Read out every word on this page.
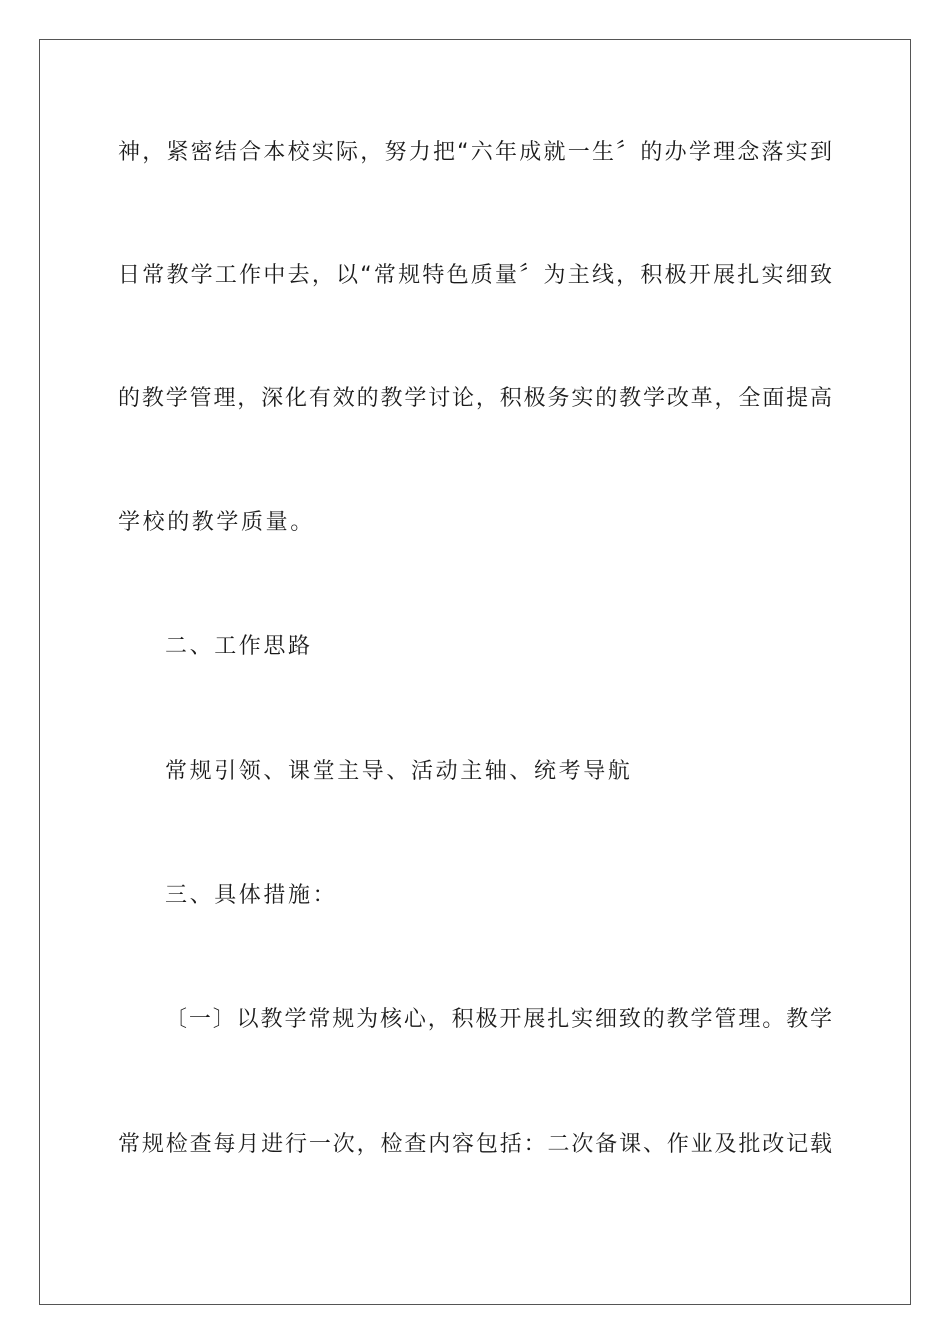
神，紧密结合本校实际，努力把“六年成就一生〞的办学理念落实到
日常教学工作中去，以“常规特色质量〞为主线，积极开展扎实细致
的教学管理，深化有效的教学讨论，积极务实的教学改革，全面提高
学校的教学质量。
二、工作思路
常规引领、课堂主导、活动主轴、统考导航
三、具体措施：
〔一〕以教学常规为核心，积极开展扎实细致的教学管理。教学
常规检查每月进行一次，检查内容包括：二次备课、作业及批改记载
